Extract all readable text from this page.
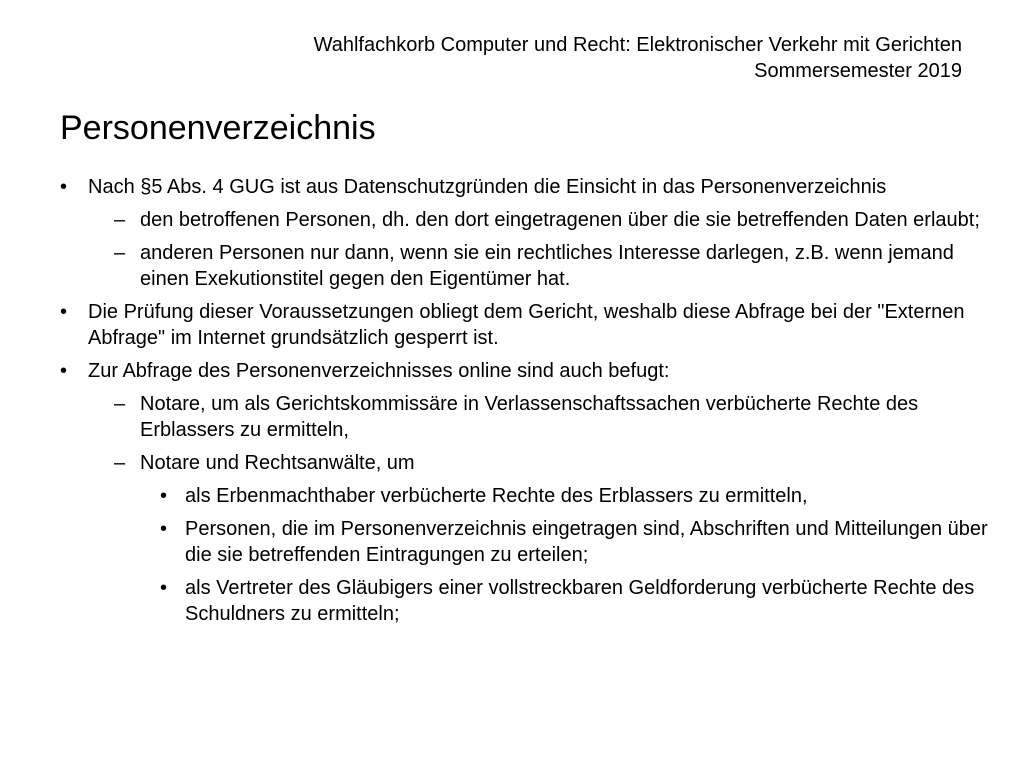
Wahlfachkorb Computer und Recht: Elektronischer Verkehr mit Gerichten
Sommersemester 2019
Personenverzeichnis
•	Nach §5 Abs. 4 GUG ist aus Datenschutzgründen die Einsicht in das Personenverzeichnis
– den betroffenen Personen, dh. den dort eingetragenen über die sie betreffenden Daten erlaubt;
– anderen Personen nur dann, wenn sie ein rechtliches Interesse darlegen, z.B. wenn jemand einen Exekutionstitel gegen den Eigentümer hat.
•	Die Prüfung dieser Voraussetzungen obliegt dem Gericht, weshalb diese Abfrage bei der "Externen Abfrage" im Internet grundsätzlich gesperrt ist.
•	Zur Abfrage des Personenverzeichnisses online sind auch befugt:
– Notare, um als Gerichtskommissäre in Verlassenschaftssachen verbücherte Rechte des Erblassers zu ermitteln,
– Notare und Rechtsanwälte, um
• als Erbenmachthaber verbücherte Rechte des Erblassers zu ermitteln,
• Personen, die im Personenverzeichnis eingetragen sind, Abschriften und Mitteilungen über die sie betreffenden Eintragungen zu erteilen;
• als Vertreter des Gläubigers einer vollstreckbaren Geldforderung verbücherte Rechte des Schuldners zu ermitteln;
